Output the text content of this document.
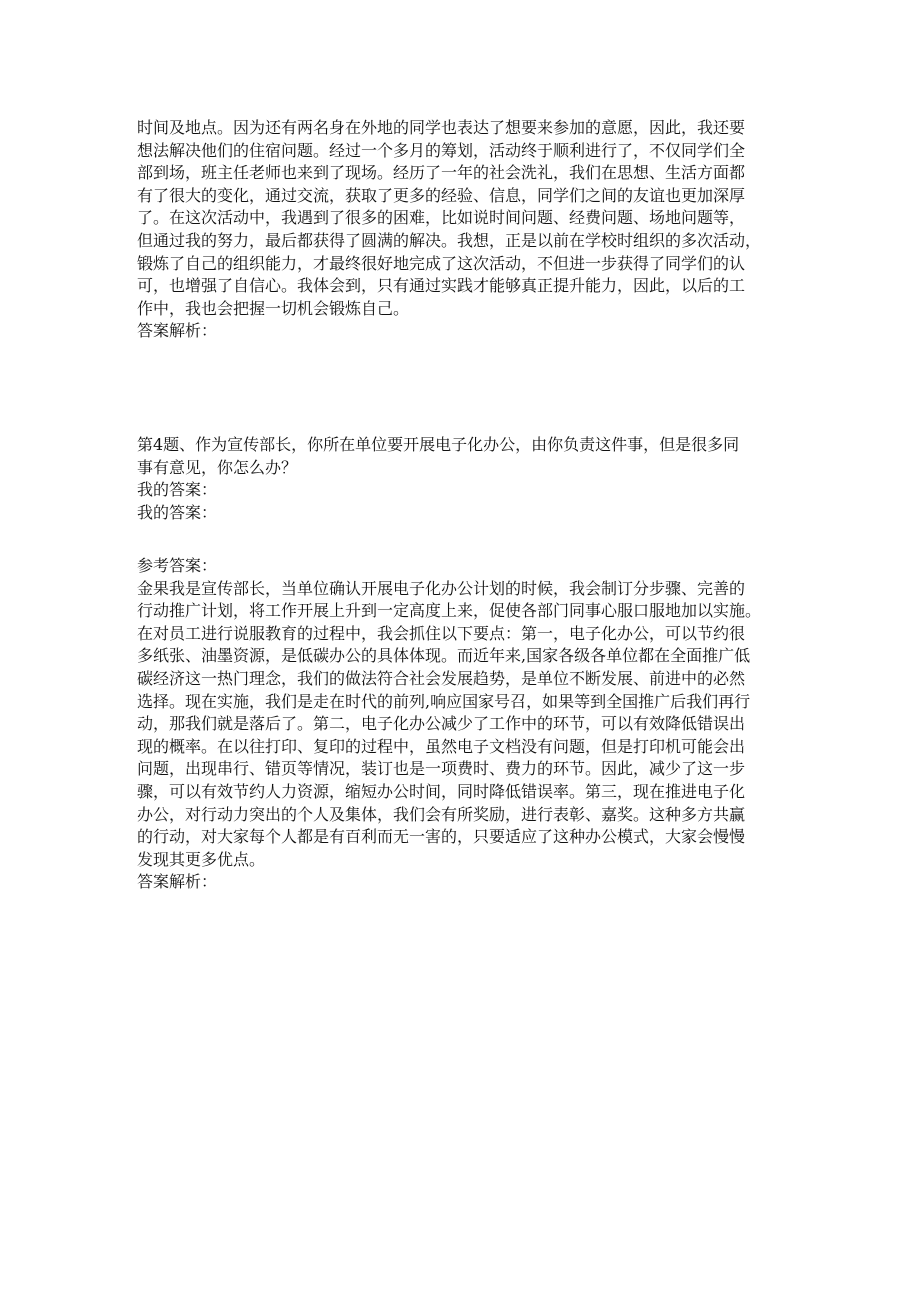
时间及地点。因为还有两名身在外地的同学也表达了想要来参加的意愿，因此，我还要
想法解决他们的住宿问题。经过一个多月的筹划，活动终于顺利进行了，不仅同学们全
部到场，班主任老师也来到了现场。经历了一年的社会洗礼，我们在思想、生活方面都
有了很大的变化，通过交流，获取了更多的经验、信息，同学们之间的友谊也更加深厚
了。在这次活动中，我遇到了很多的困难，比如说时间问题、经费问题、场地问题等，
但通过我的努力，最后都获得了圆满的解决。我想，正是以前在学校时组织的多次活动，
锻炼了自己的组织能力，才最终很好地完成了这次活动，不但进一步获得了同学们的认
可，也增强了自信心。我体会到，只有通过实践才能够真正提升能力，因此，以后的工
作中，我也会把握一切机会锻炼自己。
答案解析：
第4题、作为宣传部长，你所在单位要开展电子化办公，由你负责这件事，但是很多同
事有意见，你怎么办？
我的答案：
我的答案：
参考答案：
金果我是宣传部长，当单位确认开展电子化办公计划的时候，我会制订分步骤、完善的
行动推广计划，将工作开展上升到一定高度上来，促使各部门同事心服口服地加以实施。
在对员工进行说服教育的过程中，我会抓住以下要点：第一，电子化办公，可以节约很
多纸张、油墨资源，是低碳办公的具体体现。而近年来,国家各级各单位都在全面推广低
碳经济这一热门理念，我们的做法符合社会发展趋势，是单位不断发展、前进中的必然
选择。现在实施，我们是走在时代的前列,响应国家号召，如果等到全国推广后我们再行
动，那我们就是落后了。第二，电子化办公减少了工作中的环节，可以有效降低错误出
现的概率。在以往打印、复印的过程中，虽然电子文档没有问题，但是打印机可能会出
问题，出现串行、错页等情况，装订也是一项费时、费力的环节。因此，减少了这一步
骤，可以有效节约人力资源，缩短办公时间，同时降低错误率。第三，现在推进电子化
办公，对行动力突出的个人及集体，我们会有所奖励，进行表彰、嘉奖。这种多方共赢
的行动，对大家每个人都是有百利而无一害的，只要适应了这种办公模式，大家会慢慢
发现其更多优点。
答案解析：
